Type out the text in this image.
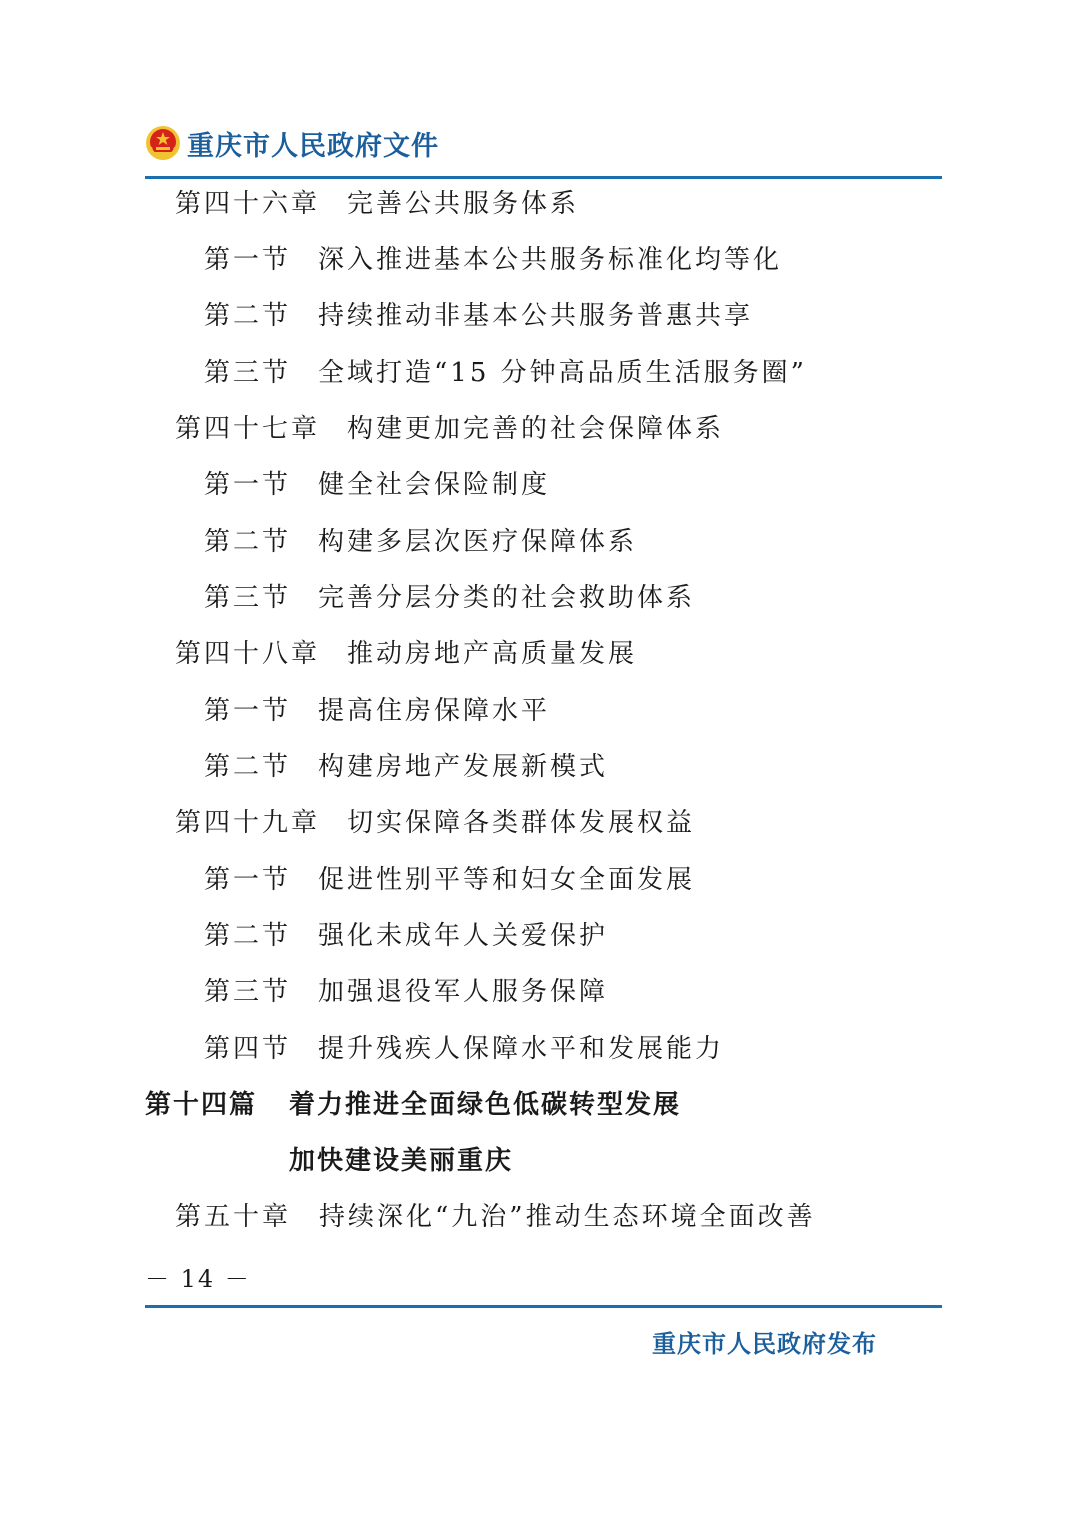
重庆市人民政府文件
第四十六章 完善公共服务体系
第一节 深入推进基本公共服务标准化均等化
第二节 持续推动非基本公共服务普惠共享
第三节 全域打造“15 分钟高品质生活服务圈”
第四十七章 构建更加完善的社会保障体系
第一节 健全社会保险制度
第二节 构建多层次医疗保障体系
第三节 完善分层分类的社会救助体系
第四十八章 推动房地产高质量发展
第一节 提高住房保障水平
第二节 构建房地产发展新模式
第四十九章 切实保障各类群体发展权益
第一节 促进性别平等和妇女全面发展
第二节 强化未成年人关爱保护
第三节 加强退役军人服务保障
第四节 提升残疾人保障水平和发展能力
第十四篇 着力推进全面绿色低碳转型发展
加快建设美丽重庆
第五十章 持续深化“九治”推动生态环境全面改善
－ 14 －
重庆市人民政府发布
